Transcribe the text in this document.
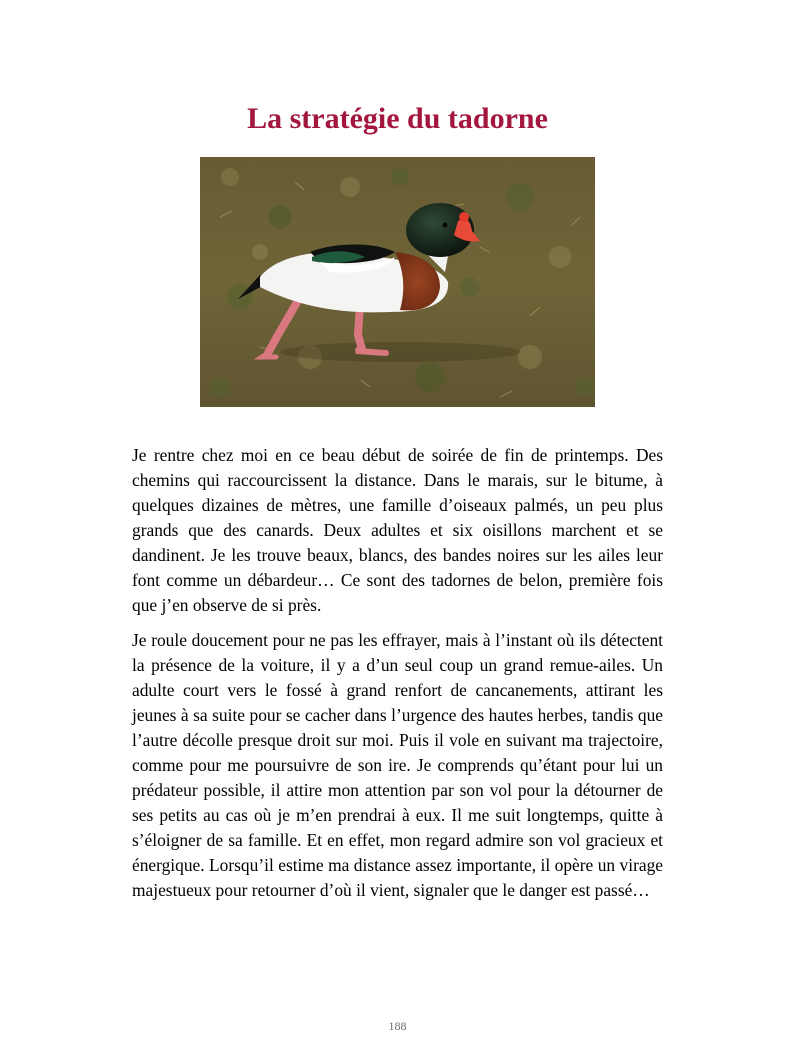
La stratégie du tadorne

Je rentre chez moi en ce beau début de soirée de fin de printemps. Des chemins qui raccourcissent la distance. Dans le marais, sur le bitume, à quelques dizaines de mètres, une famille d’oiseaux palmés, un peu plus grands que des canards. Deux adultes et six oisillons marchent et se dandinent. Je les trouve beaux, blancs, des bandes noires sur les ailes leur font comme un débardeur… Ce sont des tadornes de belon, première fois que j’en observe de si près.

Je roule doucement pour ne pas les effrayer, mais à l’instant où ils détectent la présence de la voiture, il y a d’un seul coup un grand remue-ailes. Un adulte court vers le fossé à grand renfort de cancanements, attirant les jeunes à sa suite pour se cacher dans l’urgence des hautes herbes, tandis que l’autre décolle presque droit sur moi. Puis il vole en suivant ma trajectoire, comme pour me poursuivre de son ire. Je comprends qu’étant pour lui un prédateur possible, il attire mon attention par son vol pour la détourner de ses petits au cas où je m’en prendrai à eux. Il me suit longtemps, quitte à s’éloigner de sa famille. Et en effet, mon regard admire son vol gracieux et énergique. Lorsqu’il estime ma distance assez importante, il opère un virage majestueux pour retourner d’où il vient, signaler que le danger est passé…

188
